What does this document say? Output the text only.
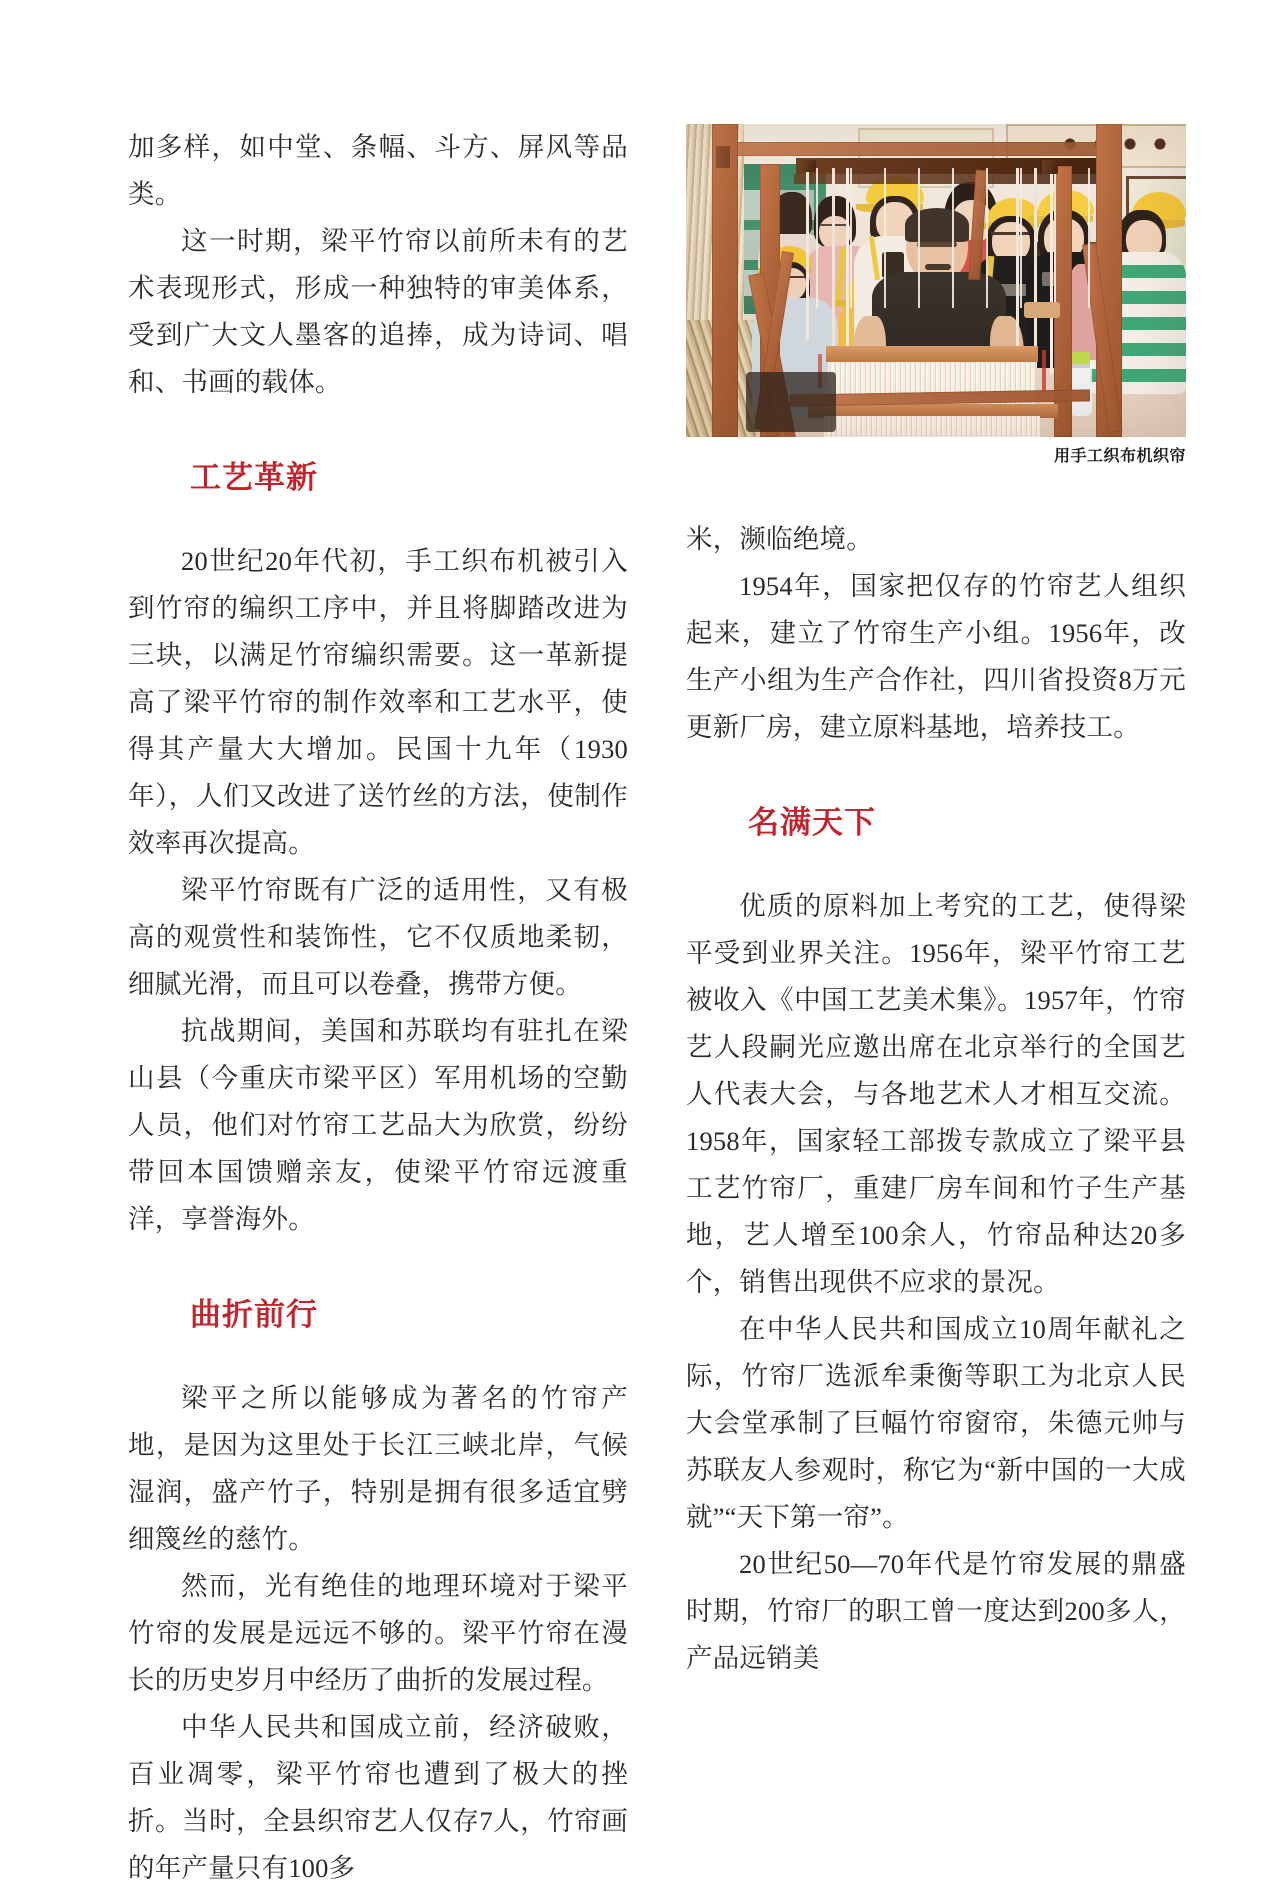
加多样，如中堂、条幅、斗方、屏风等品类。

这一时期，梁平竹帘以前所未有的艺术表现形式，形成一种独特的审美体系，受到广大文人墨客的追捧，成为诗词、唱和、书画的载体。

工艺革新

20世纪20年代初，手工织布机被引入到竹帘的编织工序中，并且将脚踏改进为三块，以满足竹帘编织需要。这一革新提高了梁平竹帘的制作效率和工艺水平，使得其产量大大增加。民国十九年（1930年），人们又改进了送竹丝的方法，使制作效率再次提高。

梁平竹帘既有广泛的适用性，又有极高的观赏性和装饰性，它不仅质地柔韧，细腻光滑，而且可以卷叠，携带方便。

抗战期间，美国和苏联均有驻扎在梁山县（今重庆市梁平区）军用机场的空勤人员，他们对竹帘工艺品大为欣赏，纷纷带回本国馈赠亲友，使梁平竹帘远渡重洋，享誉海外。

曲折前行

梁平之所以能够成为著名的竹帘产地，是因为这里处于长江三峡北岸，气候湿润，盛产竹子，特别是拥有很多适宜劈细篾丝的慈竹。

然而，光有绝佳的地理环境对于梁平竹帘的发展是远远不够的。梁平竹帘在漫长的历史岁月中经历了曲折的发展过程。

中华人民共和国成立前，经济破败，百业凋零，梁平竹帘也遭到了极大的挫折。当时，全县织帘艺人仅存7人，竹帘画的年产量只有100多

用手工织布机织帘

米，濒临绝境。

1954年，国家把仅存的竹帘艺人组织起来，建立了竹帘生产小组。1956年，改生产小组为生产合作社，四川省投资8万元更新厂房，建立原料基地，培养技工。

名满天下

优质的原料加上考究的工艺，使得梁平受到业界关注。1956年，梁平竹帘工艺被收入《中国工艺美术集》。1957年，竹帘艺人段嗣光应邀出席在北京举行的全国艺人代表大会，与各地艺术人才相互交流。1958年，国家轻工部拨专款成立了梁平县工艺竹帘厂，重建厂房车间和竹子生产基地，艺人增至100余人，竹帘品种达20多个，销售出现供不应求的景况。

在中华人民共和国成立10周年献礼之际，竹帘厂选派牟秉衡等职工为北京人民大会堂承制了巨幅竹帘窗帘，朱德元帅与苏联友人参观时，称它为“新中国的一大成就”“天下第一帘”。

20世纪50—70年代是竹帘发展的鼎盛时期，竹帘厂的职工曾一度达到200多人，产品远销美
